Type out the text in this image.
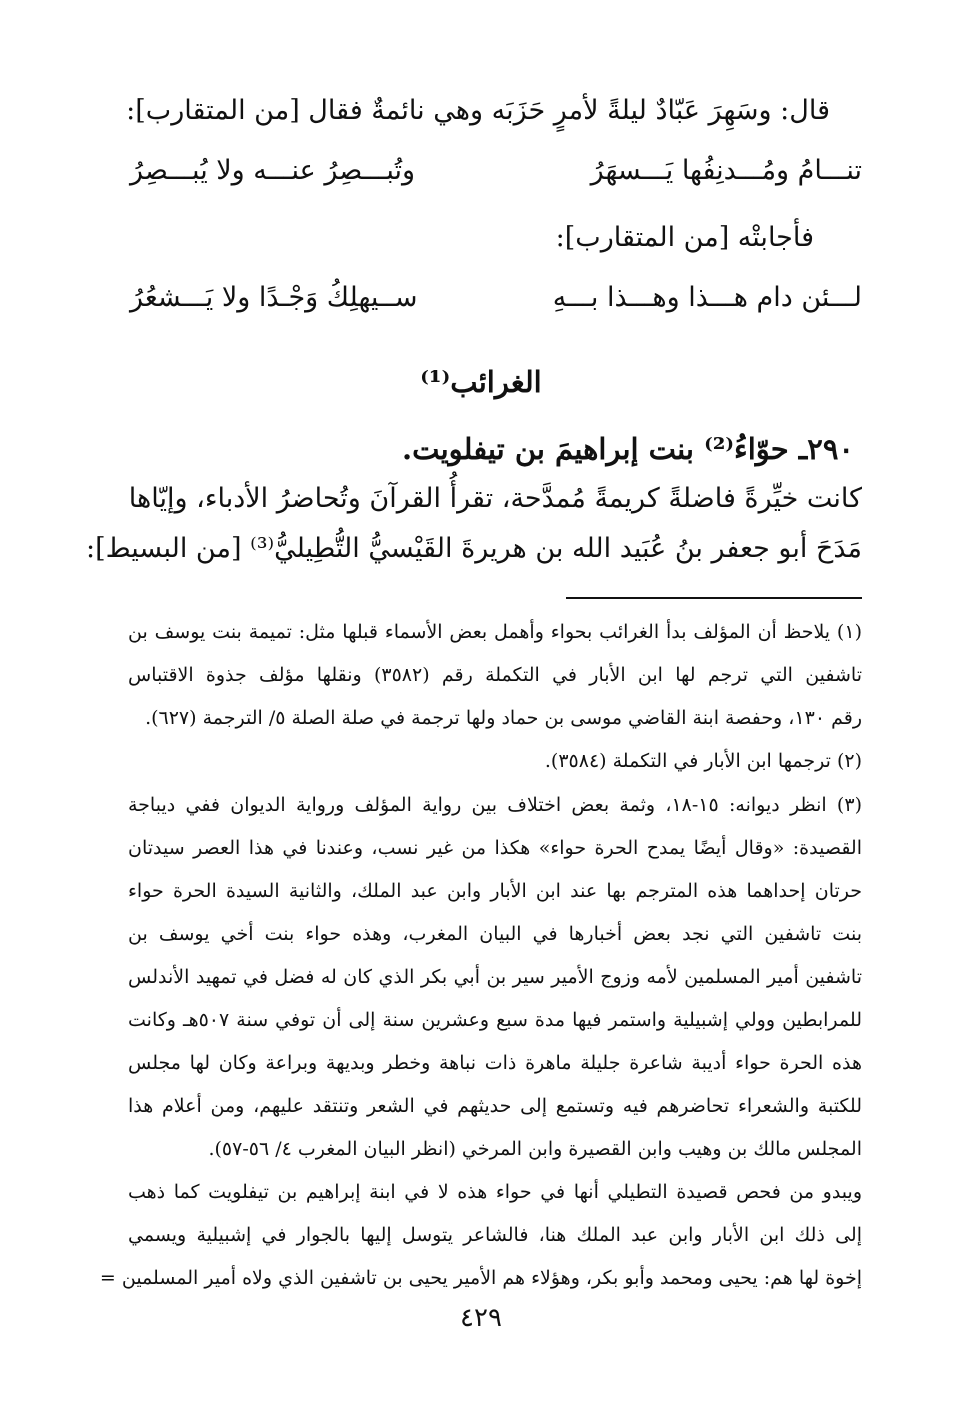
قال: وسَهِرَ عَبّادٌ ليلةً لأمرٍ حَزَبَه وهي نائمةٌ فقال [من المتقارب]:
تنـــامُ ومُـــدنِفُها يَـــسهَرُ
وتُبـــصِرُ عنـــه ولا يُبـــصِرُ
فأجابتْه [من المتقارب]:
لـــئن دام هـــذا وهـــذا بـــهِ
ســيهلِكُ وَجْـدًا ولا يَـــشعُرُ
الغرائب⁽¹⁾
٢٩٠ـ حوّاءُ⁽²⁾ بنت إبراهيمَ بن تيفلويت.
كانت خيِّرةً فاضلةً كريمةً مُمدَّحة، تقرأُ القرآنَ وتُحاضرُ الأدباء، وإيّاها
مَدَحَ أبو جعفر بنُ عُبَيد الله بن هريرةَ القَيْسيُّ التُّطِيليُّ⁽³⁾ [من البسيط]:
(١) يلاحظ أن المؤلف بدأ الغرائب بحواء وأهمل بعض الأسماء قبلها مثل: تميمة بنت يوسف بن
تاشفين التي ترجم لها ابن الأبار في التكملة رقم (٣٥٨٢) ونقلها مؤلف جذوة الاقتباس
رقم ١٣٠، وحفصة ابنة القاضي موسى بن حماد ولها ترجمة في صلة الصلة ٥/ الترجمة (٦٢٧).
(٢) ترجمها ابن الأبار في التكملة (٣٥٨٤).
(٣) انظر ديوانه: ١٥-١٨، وثمة بعض اختلاف بين رواية المؤلف ورواية الديوان ففي ديباجة
القصيدة: «وقال أيضًا يمدح الحرة حواء» هكذا من غير نسب، وعندنا في هذا العصر سيدتان
حرتان إحداهما هذه المترجم بها عند ابن الأبار وابن عبد الملك، والثانية السيدة الحرة حواء
بنت تاشفين التي نجد بعض أخبارها في البيان المغرب، وهذه حواء بنت أخي يوسف بن
تاشفين أمير المسلمين لأمه وزوج الأمير سير بن أبي بكر الذي كان له فضل في تمهيد الأندلس
للمرابطين وولي إشبيلية واستمر فيها مدة سبع وعشرين سنة إلى أن توفي سنة ٥٠٧هـ وكانت
هذه الحرة حواء أديبة شاعرة جليلة ماهرة ذات نباهة وخطر وبديهة وبراعة وكان لها مجلس
للكتبة والشعراء تحاضرهم فيه وتستمع إلى حديثهم في الشعر وتنتقد عليهم، ومن أعلام هذا
المجلس مالك بن وهيب وابن القصيرة وابن المرخي (انظر البيان المغرب ٤/ ٥٦-٥٧).
ويبدو من فحص قصيدة التطيلي أنها في حواء هذه لا في ابنة إبراهيم بن تيفلويت كما ذهب
إلى ذلك ابن الأبار وابن عبد الملك هنا، فالشاعر يتوسل إليها بالجوار في إشبيلية ويسمي
إخوة لها هم: يحيى ومحمد وأبو بكر، وهؤلاء هم الأمير يحيى بن تاشفين الذي ولاه أمير المسلمين =
٤٢٩
